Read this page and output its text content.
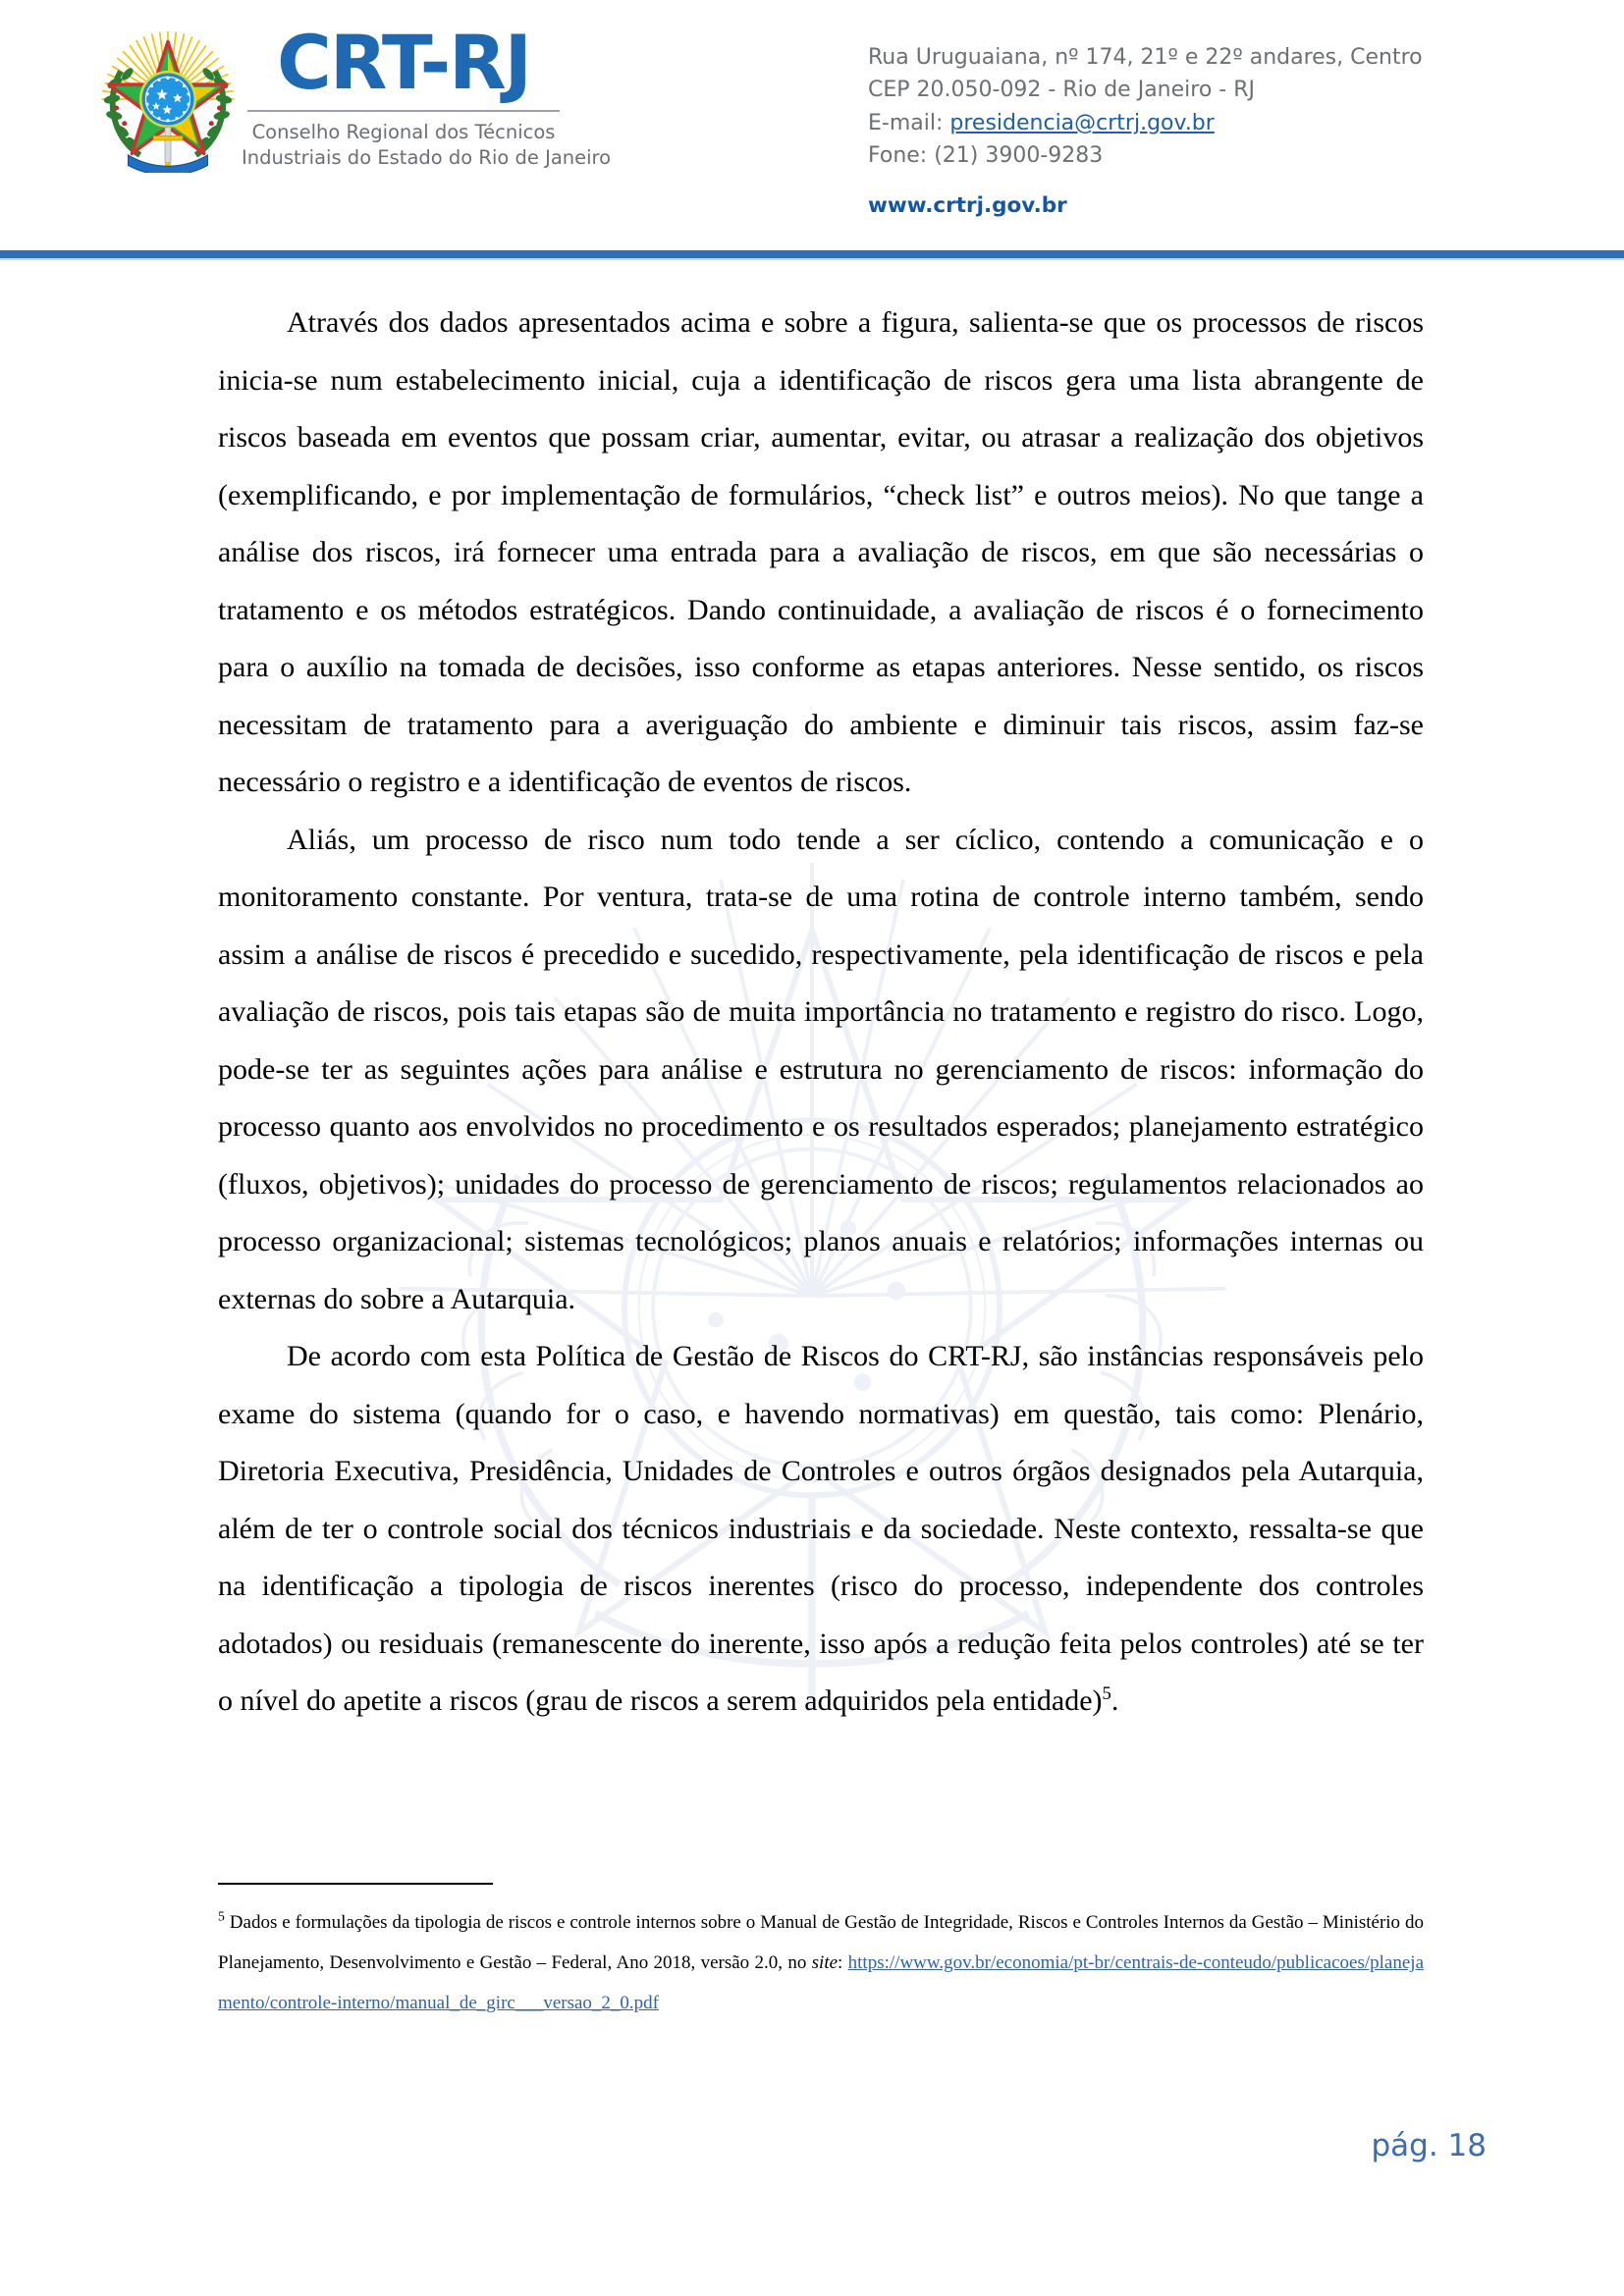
CRT-RJ
Conselho Regional dos Técnicos
Industriais do Estado do Rio de Janeiro
Rua Uruguaiana, nº 174, 21º e 22º andares, Centro
CEP 20.050-092 - Rio de Janeiro - RJ
E-mail: presidencia@crtrj.gov.br
Fone: (21) 3900-9283
www.crtrj.gov.br

Através dos dados apresentados acima e sobre a figura, salienta-se que os processos de riscos inicia-se num estabelecimento inicial, cuja a identificação de riscos gera uma lista abrangente de riscos baseada em eventos que possam criar, aumentar, evitar, ou atrasar a realização dos objetivos (exemplificando, e por implementação de formulários, “check list” e outros meios). No que tange a análise dos riscos, irá fornecer uma entrada para a avaliação de riscos, em que são necessárias o tratamento e os métodos estratégicos. Dando continuidade, a avaliação de riscos é o fornecimento para o auxílio na tomada de decisões, isso conforme as etapas anteriores. Nesse sentido, os riscos necessitam de tratamento para a averiguação do ambiente e diminuir tais riscos, assim faz-se necessário o registro e a identificação de eventos de riscos.

Aliás, um processo de risco num todo tende a ser cíclico, contendo a comunicação e o monitoramento constante. Por ventura, trata-se de uma rotina de controle interno também, sendo assim a análise de riscos é precedido e sucedido, respectivamente, pela identificação de riscos e pela avaliação de riscos, pois tais etapas são de muita importância no tratamento e registro do risco. Logo, pode-se ter as seguintes ações para análise e estrutura no gerenciamento de riscos: informação do processo quanto aos envolvidos no procedimento e os resultados esperados; planejamento estratégico (fluxos, objetivos); unidades do processo de gerenciamento de riscos; regulamentos relacionados ao processo organizacional; sistemas tecnológicos; planos anuais e relatórios; informações internas ou externas do sobre a Autarquia.

De acordo com esta Política de Gestão de Riscos do CRT-RJ, são instâncias responsáveis pelo exame do sistema (quando for o caso, e havendo normativas) em questão, tais como: Plenário, Diretoria Executiva, Presidência, Unidades de Controles e outros órgãos designados pela Autarquia, além de ter o controle social dos técnicos industriais e da sociedade. Neste contexto, ressalta-se que na identificação a tipologia de riscos inerentes (risco do processo, independente dos controles adotados) ou residuais (remanescente do inerente, isso após a redução feita pelos controles) até se ter o nível do apetite a riscos (grau de riscos a serem adquiridos pela entidade)$^5$.

$^5$ Dados e formulações da tipologia de riscos e controle internos sobre o Manual de Gestão de Integridade, Riscos e Controles Internos da Gestão – Ministério do Planejamento, Desenvolvimento e Gestão – Federal, Ano 2018, versão 2.0, no site: https://www.gov.br/economia/pt-br/centrais-de-conteudo/publicacoes/planejamento/controle-interno/manual_de_girc___versao_2_0.pdf
pág. 18
